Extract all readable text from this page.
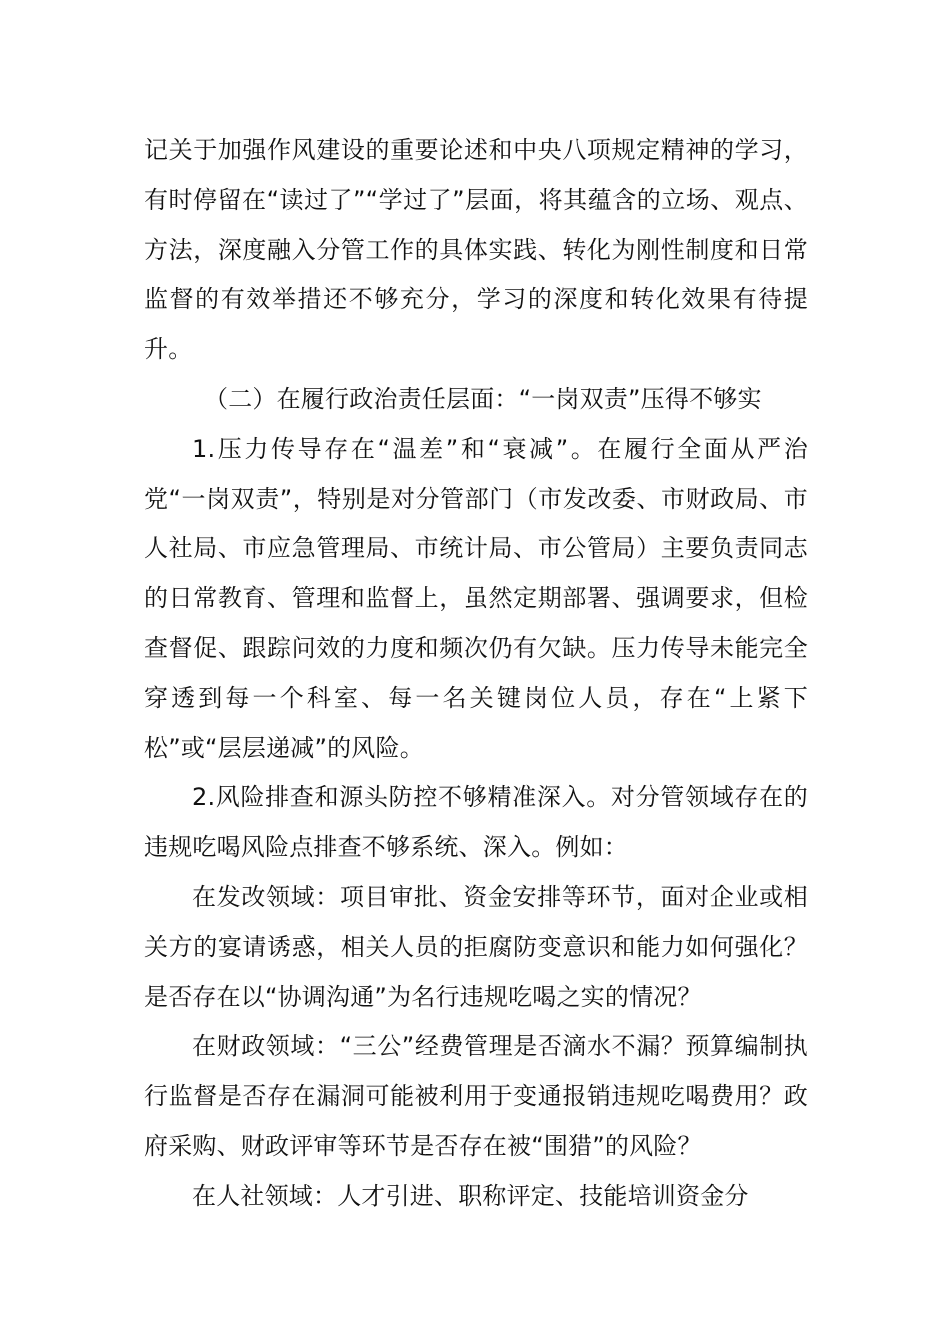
记关于加强作风建设的重要论述和中央八项规定精神的学习，有时停留在“读过了”“学过了”层面，将其蕴含的立场、观点、方法，深度融入分管工作的具体实践、转化为刚性制度和日常监督的有效举措还不够充分，学习的深度和转化效果有待提升。

（二）在履行政治责任层面：“一岗双责”压得不够实

1.压力传导存在“温差”和“衰减”。在履行全面从严治党“一岗双责”，特别是对分管部门（市发改委、市财政局、市人社局、市应急管理局、市统计局、市公管局）主要负责同志的日常教育、管理和监督上，虽然定期部署、强调要求，但检查督促、跟踪问效的力度和频次仍有欠缺。压力传导未能完全穿透到每一个科室、每一名关键岗位人员，存在“上紧下松”或“层层递减”的风险。

2.风险排查和源头防控不够精准深入。对分管领域存在的违规吃喝风险点排查不够系统、深入。例如：

在发改领域：项目审批、资金安排等环节，面对企业或相关方的宴请诱惑，相关人员的拒腐防变意识和能力如何强化？是否存在以“协调沟通”为名行违规吃喝之实的情况？

在财政领域：“三公”经费管理是否滴水不漏？预算编制执行监督是否存在漏洞可能被利用于变通报销违规吃喝费用？政府采购、财政评审等环节是否存在被“围猎”的风险？

在人社领域：人才引进、职称评定、技能培训资金分
